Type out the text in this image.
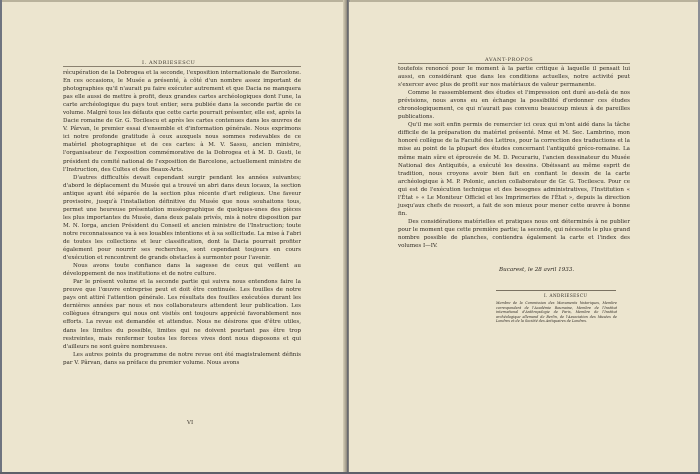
I. ANDRIESESCU

récupération de la Dobrogea et la seconde, l'exposition internationale de Barcelone. En ces occasions, le Musée a présenté, à côté d'un nombre assez important de photographies qu'il n'aurait pu faire exécuter autrement et que Dacia ne manquera pas elle aussi de mettre à profit, deux grandes cartes archéologiques dont l'une, la carte archéologique du pays tout entier, sera publiée dans la seconde partie de ce volume. Malgré tous les défauts que cette carte pourrait présenter, elle est, après la Dacie romaine de Gr. G. Tocilescu et après les cartes contenues dans les œuvres de V. Pârvan, le premier essai d'ensemble et d'information générale. Nous exprimons ici notre profonde gratitude à ceux auxquels nous sommes redevables de ce matériel photographique et de ces cartes: à M. V. Sassu, ancien ministre, l'organisateur de l'exposition commémorative de la Dobrogea et à M. D. Gusti, le président du comité national de l'exposition de Barcelone, actuellement ministre de l'Instruction, des Cultes et des Beaux-Arts.

D'autres difficultés devait cependant surgir pendant les années suivantes; d'abord le déplacement du Musée qui a trouvé un abri dans deux locaux, la section antique ayant été séparée de la section plus récente d'art religieux. Une faveur provisoire, jusqu'à l'installation définitive du Musée que nous souhaitons tous, permet une heureuse présentation muséographique de quelques-unes des pièces les plus importantes du Musée, dans deux palais privés, mis à notre disposition par M. N. Iorga, ancien Président du Conseil et ancien ministre de l'Instruction; toute notre reconnaissance va à ses louables intentions et à sa sollicitude. La mise à l'abri de toutes les collections et leur classification, dont la Dacia pourrait profiter également pour nourrir ses recherches, sont cependant toujours en cours d'exécution et rencontrent de grands obstacles à surmonter pour l'avenir.

Nous avons toute confiance dans la sagesse de ceux qui veillent au développement de nos institutions et de notre culture.

Par le présent volume et la seconde partie qui suivra nous entendons faire la preuve que l'œuvre entreprise peut et doit être continuée. Les fouilles de notre pays ont attiré l'attention générale. Les résultats des fouilles exécutées durant les dernières années par nous et nos collaborateurs attendent leur publication. Les collègues étrangers qui nous ont visités ont toujours apprécié favorablement nos efforts. La revue est demandée et attendue. Nous ne désirons que d'être utiles, dans les limites du possible, limites qui ne doivent pourtant pas être trop restreintes, mais renfermer toutes les forces vives dont nous disposons et qui d'ailleurs ne sont guère nombreuses.

Les autres points du programme de notre revue ont été magistralement définis par V. Pârvan, dans sa préface du premier volume. Nous avons

VI
AVANT-PROPOS

toutefois renoncé pour le moment à la partie critique à laquelle il pensait lui aussi, en considérant que dans les conditions actuelles, notre activité peut s'exercer avec plus de profit sur nos matériaux de valeur permanente.

Comme le rassemblement des études et l'impression ont duré au-delà de nos prévisions, nous avons eu en échange la possibilité d'ordonner ces études chronologiquement, ce qui n'aurait pas convenu beaucoup mieux à de pareilles publications.

Qu'il me soit enfin permis de remercier ici ceux qui m'ont aidé dans la tâche difficile de la préparation du matériel présenté. Mme et M. Sec. Lambrino, mon honoré collègue de la Faculté des Lettres, pour la correction des traductions et la mise au point de la plupart des études concernant l'antiquité gréco-romaine. La même main sûre et éprouvée de M. D. Pecurariu, l'ancien dessinateur du Musée National des Antiquités, a exécuté les dessins. Obéissant au même esprit de tradition, nous croyons avoir bien fait en confiant le dessin de la carte archéologique à M. P. Polonic, ancien collaborateur de Gr. G. Tocilescu. Pour ce qui est de l'exécution technique et des besognes administratives, l'Institution « l'État » « Le Moniteur Officiel et les Imprimeries de l'État », depuis la direction jusqu'aux chefs de ressort, a fait de son mieux pour mener cette œuvre à bonne fin.

Des considérations matérielles et pratiques nous ont déterminés à ne publier pour le moment que cette première partie; la seconde, qui nécessite le plus grand nombre possible de planches, contiendra également la carte et l'index des volumes I—IV.

Bucarest, le 28 avril 1933.
I. ANDRIESESCU

Membre de la Commission des Monuments historiques, Membre correspondant de l'Académie Roumaine, Membre de l'Institut international d'Anthropologie de Paris, Membre de l'Institut archéologique allemand de Berlin, de l'Association des Musées de Londres et de la Société des Antiquaires de Londres.
